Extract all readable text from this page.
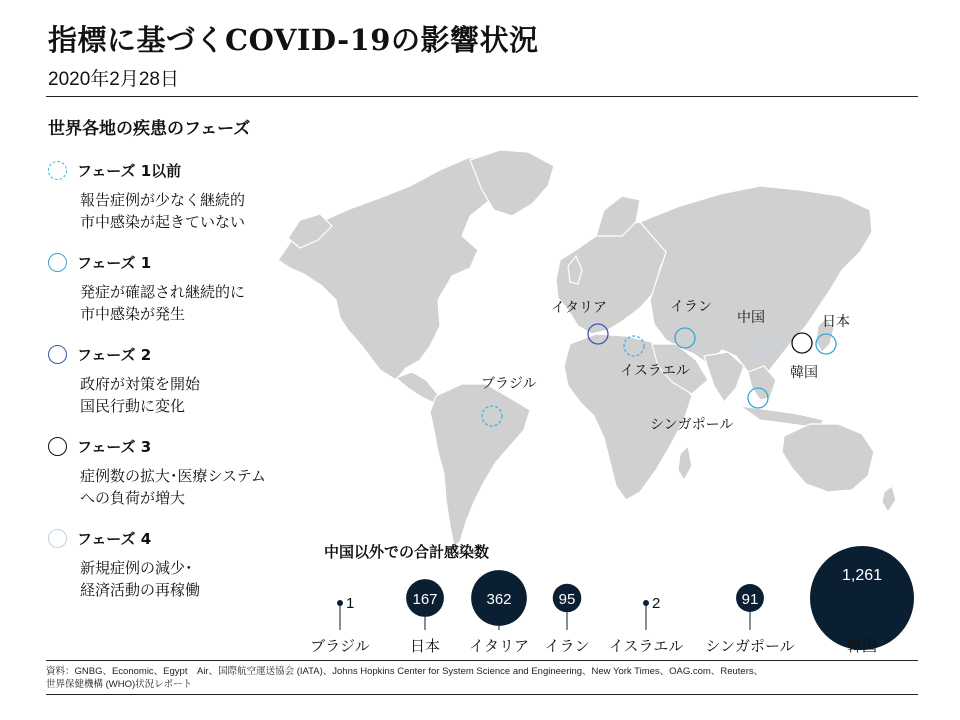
指標に基づくCOVID-19の影響状況
2020年2月28日
イタリア
イスラエル
イラン
中国
韓国
日本
シンガポール
ブラジル
世界各地の疾患のフェーズ
フェーズ 1以前
報告症例が少なく継続的
市中感染が起きていない
フェーズ 1
発症が確認され継続的に
市中感染が発生
フェーズ 2
政府が対策を開始
国民行動に変化
フェーズ 3
症例数の拡大･医療システム
への負荷が増大
フェーズ 4
新規症例の減少･
経済活動の再稼働
中国以外での合計感染数
1
ブラジル
167
日本
362
イタリア
95
イラン
2
イスラエル
91
シンガポール
1,261
韓国
資料：GNBG、Economic、Egypt　Air、国際航空運送協会 (IATA)、Johns Hopkins Center for System Science and Engineering、New York Times、OAG.com、Reuters、
世界保健機構 (WHO)状況レポート
